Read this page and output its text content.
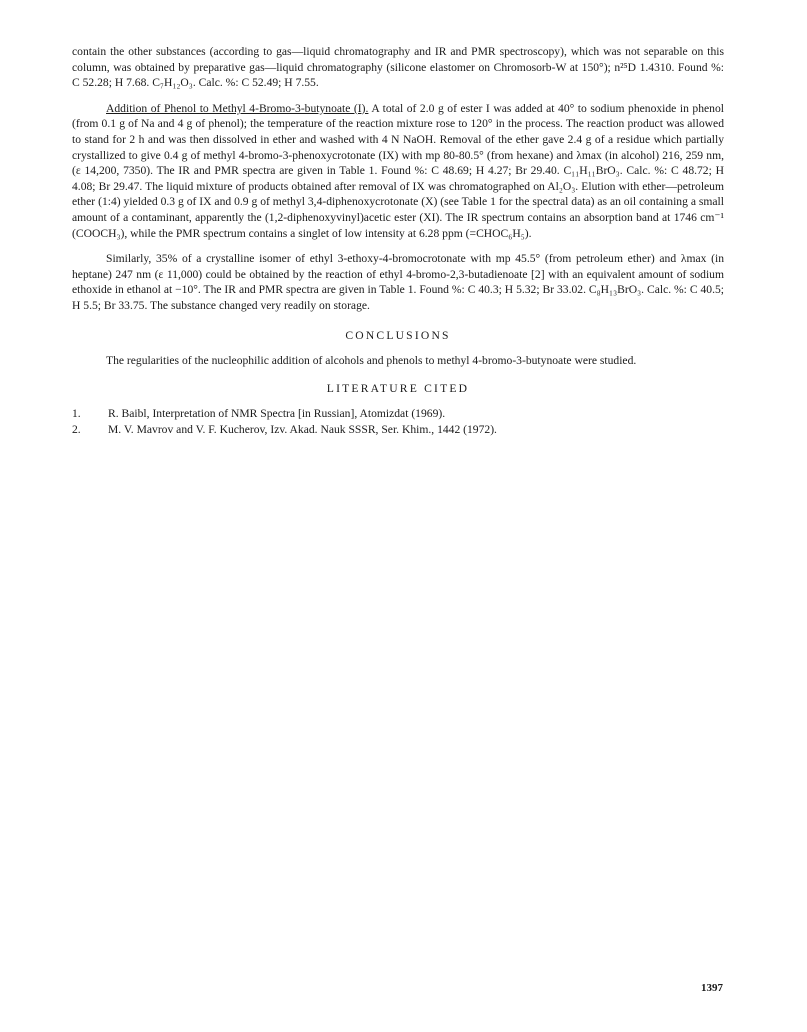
contain the other substances (according to gas—liquid chromatography and IR and PMR spectroscopy), which was not separable on this column, was obtained by preparative gas—liquid chromatography (silicone elastomer on Chromosorb-W at 150°); n²⁵D 1.4310. Found %: C 52.28; H 7.68. C₇H₁₂O₃. Calc. %: C 52.49; H 7.55.

Addition of Phenol to Methyl 4-Bromo-3-butynoate (I). A total of 2.0 g of ester I was added at 40° to sodium phenoxide in phenol (from 0.1 g of Na and 4 g of phenol); the temperature of the reaction mixture rose to 120° in the process. The reaction product was allowed to stand for 2 h and was then dissolved in ether and washed with 4 N NaOH. Removal of the ether gave 2.4 g of a residue which partially crystallized to give 0.4 g of methyl 4-bromo-3-phenoxycrotonate (IX) with mp 80-80.5° (from hexane) and λmax (in alcohol) 216, 259 nm, (ε 14,200, 7350). The IR and PMR spectra are given in Table 1. Found %: C 48.69; H 4.27; Br 29.40. C₁₁H₁₁BrO₃. Calc. %: C 48.72; H 4.08; Br 29.47. The liquid mixture of products obtained after removal of IX was chromatographed on Al₂O₃. Elution with ether—petroleum ether (1:4) yielded 0.3 g of IX and 0.9 g of methyl 3,4-diphenoxycrotonate (X) (see Table 1 for the spectral data) as an oil containing a small amount of a contaminant, apparently the (1,2-diphenoxyvinyl)acetic ester (XI). The IR spectrum contains an absorption band at 1746 cm⁻¹ (COOCH₃), while the PMR spectrum contains a singlet of low intensity at 6.28 ppm (=CHOC₆H₅).

Similarly, 35% of a crystalline isomer of ethyl 3-ethoxy-4-bromocrotonate with mp 45.5° (from petroleum ether) and λmax (in heptane) 247 nm (ε 11,000) could be obtained by the reaction of ethyl 4-bromo-2,3-butadienoate [2] with an equivalent amount of sodium ethoxide in ethanol at −10°. The IR and PMR spectra are given in Table 1. Found %: C 40.3; H 5.32; Br 33.02. C₈H₁₃BrO₃. Calc. %: C 40.5; H 5.5; Br 33.75. The substance changed very readily on storage.

CONCLUSIONS

The regularities of the nucleophilic addition of alcohols and phenols to methyl 4-bromo-3-butynoate were studied.

LITERATURE CITED

1.	R. Baibl, Interpretation of NMR Spectra [in Russian], Atomizdat (1969).
2.	M. V. Mavrov and V. F. Kucherov, Izv. Akad. Nauk SSSR, Ser. Khim., 1442 (1972).
1397
